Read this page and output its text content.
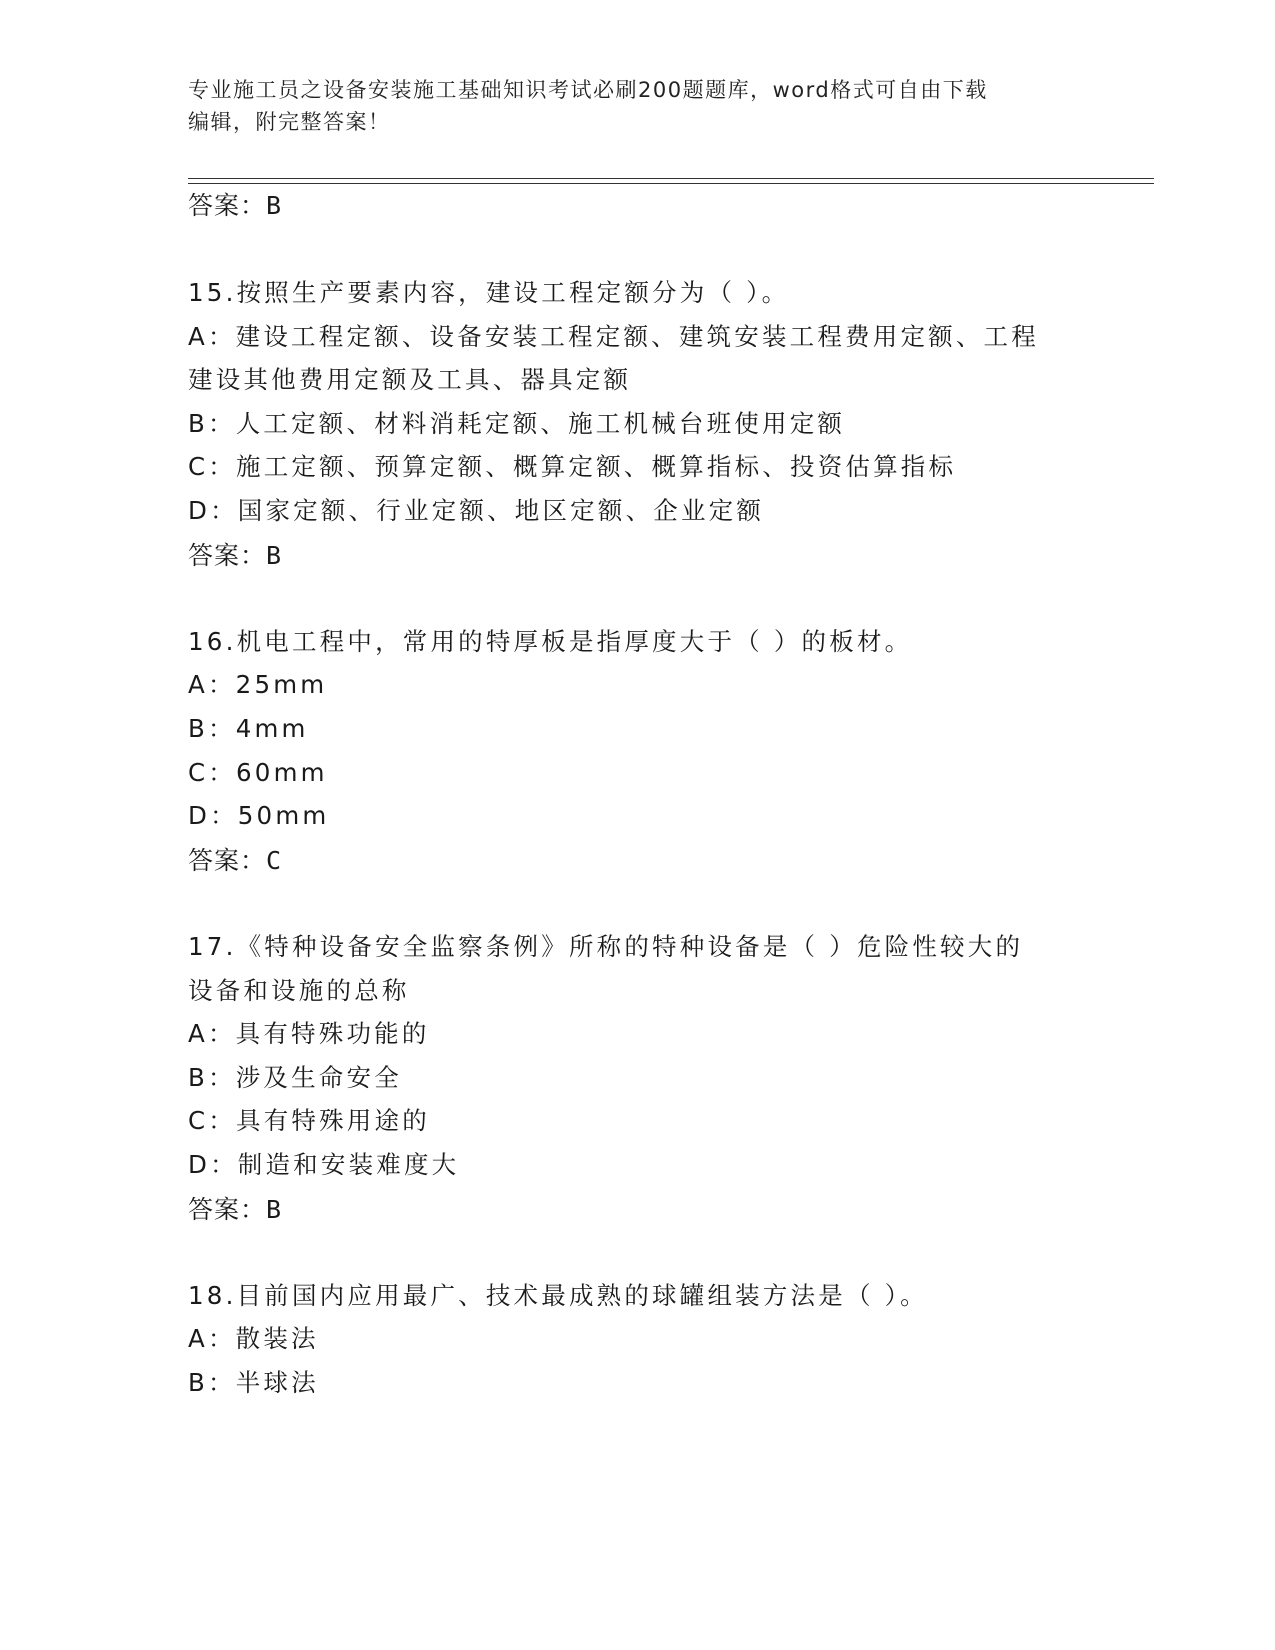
专业施工员之设备安装施工基础知识考试必刷200题题库，word格式可自由下载
编辑，附完整答案！
答案：B
15.按照生产要素内容，建设工程定额分为（ ）。
A：建设工程定额、设备安装工程定额、建筑安装工程费用定额、工程
建设其他费用定额及工具、器具定额
B：人工定额、材料消耗定额、施工机械台班使用定额
C：施工定额、预算定额、概算定额、概算指标、投资估算指标
D：国家定额、行业定额、地区定额、企业定额
答案：B
16.机电工程中，常用的特厚板是指厚度大于（ ）的板材。
A：25mm
B：4mm
C：60mm
D：50mm
答案：C
17.《特种设备安全监察条例》所称的特种设备是（ ）危险性较大的
设备和设施的总称
A：具有特殊功能的
B：涉及生命安全
C：具有特殊用途的
D：制造和安装难度大
答案：B
18.目前国内应用最广、技术最成熟的球罐组装方法是（ ）。
A：散装法
B：半球法
